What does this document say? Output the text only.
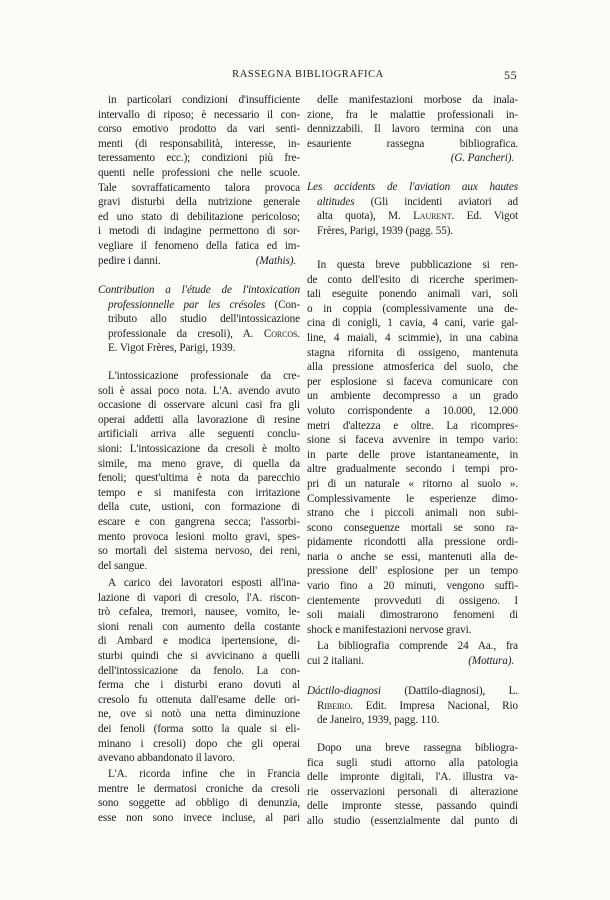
RASSEGNA BIBLIOGRAFICA	55
in particolari condizioni d'insufficiente
intervallo di riposo; è necessario il con-
corso emotivo prodotto da vari senti-
menti (di responsabilità, interesse, in-
teressamento ecc.); condizioni più fre-
quenti nelle professioni che nelle scuole.
Tale sovraffaticamento talora provoca
gravi disturbi della nutrizione generale
ed uno stato di debilitazione pericoloso;
i metodi di indagine permettono di sor-
vegliare il fenomeno della fatica ed im-
pedire i danni.	(Mathis).
Contribution a l'étude de l'intoxication
professionnelle par les crésoles (Con-
tributo allo studio dell'intossicazione
professionale da cresoli), A. Corcos.
E. Vigot Frères, Parigi, 1939.
L'intossicazione professionale da cre-
soli è assai poco nota. L'A. avendo avuto
occasione di osservare alcuni casi fra gli
operai addetti alla lavorazione di resine
artificiali arriva alle seguenti conclu-
sioni: L'intossicazione da cresoli è molto
simile, ma meno grave, di quella da
fenoli; quest'ultima è nota da parecchio
tempo e si manifesta con irritazione
della cute, ustioni, con formazione di
escare e con gangrena secca; l'assorbi-
mento provoca lesioni molto gravi, spes-
so mortali del sistema nervoso, dei reni,
del sangue.
A carico dei lavoratori esposti all'ina-
lazione di vapori di cresolo, l'A. riscon-
trò cefalea, tremori, nausee, vomito, le-
sioni renali con aumento della costante
di Ambard e modica ipertensione, di-
sturbi quindi che si avvicinano a quelli
dell'intossicazione da fenolo. La con-
ferma che i disturbi erano dovuti al
cresolo fu ottenuta dall'esame delle ori-
ne, ove si notò una netta diminuzione
dei fenoli (forma sotto la quale si eli-
minano i cresoli) dopo che gli operai
avevano abbandonato il lavoro.
L'A. ricorda infine che in Francia
mentre le dermatosi croniche da cresoli
sono soggette ad obbligo di denunzia,
esse non sono invece incluse, al pari
delle manifestazioni morbose da inala-
zione, fra le malattie professionali in-
dennizzabili. Il lavoro termina con una
esauriente rassegna bibliografica.
(G. Pancheri).
Les accidents de l'aviation aux hautes
altitudes (Gli incidenti aviatori ad
alta quota), M. Laurent. Ed. Vigot
Frères, Parigi, 1939 (pagg. 55).
In questa breve pubblicazione si ren-
de conto dell'esito di ricerche sperimen-
tali eseguite ponendo animali vari, soli
o in coppia (complessivamente una de-
cina di conigli, 1 cavia, 4 cani, varie gal-
line, 4 maiali, 4 scimmie), in una cabina
stagna rifornita di ossigeno, mantenuta
alla pressione atmosferica del suolo, che
per esplosione si faceva comunicare con
un ambiente decompresso a un grado
voluto corrispondente a 10.000, 12.000
metri d'altezza e oltre. La ricompres-
sione si faceva avvenire in tempo vario:
in parte delle prove istantaneamente, in
altre gradualmente secondo i tempi pro-
pri di un naturale « ritorno al suolo ».
Complessivamente le esperienze dimo-
strano che i piccoli animali non subi-
scono conseguenze mortali se sono ra-
pidamente ricondotti alla pressione ordi-
naria o anche se essi, mantenuti alla de-
pressione dell' esplosione per un tempo
vario fino a 20 minuti, vengono suffi-
cientemente provveduti di ossigeno. I
soli maiali dimostrarono fenomeni di
shock e manifestazioni nervose gravi.
La bibliografia comprende 24 Aa., fra
cui 2 italiani.	(Mottura).
Dáctilo-diagnosi (Dattilo-diagnosi), L.
Ribeiro. Edit. Impresa Nacional, Rio
de Janeiro, 1939, pagg. 110.
Dopo una breve rassegna bibliogra-
fica sugli studi attorno alla patologia
delle impronte digitali, l'A. illustra va-
rie osservazioni personali di alterazione
delle impronte stesse, passando quindi
allo studio (essenzialmente dal punto di
